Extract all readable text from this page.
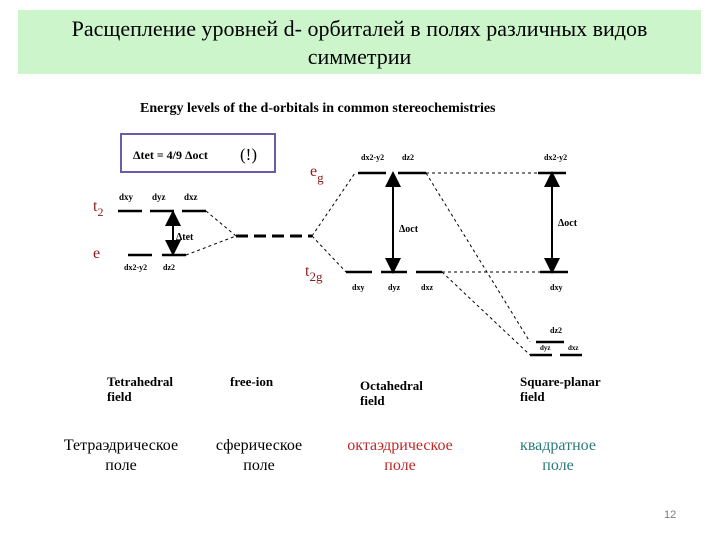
Расщепление уровней d- орбиталей в полях различных видов
симметрии
Energy levels of the d-orbitals in common stereochemistries
Δtet = 4/9 Δoct (!)
$t_2$
e
dxy dyz dxz
dx2-y2 dz2
Δtet
$e_g$
$t_{2g}$
dx2-y2 dz2
dxy	dyz	dxz
Δoct
dx2-y2
dxy
dz2
dyz	dxz
Δoct
Tetrahedral
field
free-ion	Octahedral
field
Square-planar
field
Тетраэдрическое
поле
сферическое
поле
октаэдрическое
поле
квадратное
поле
12
